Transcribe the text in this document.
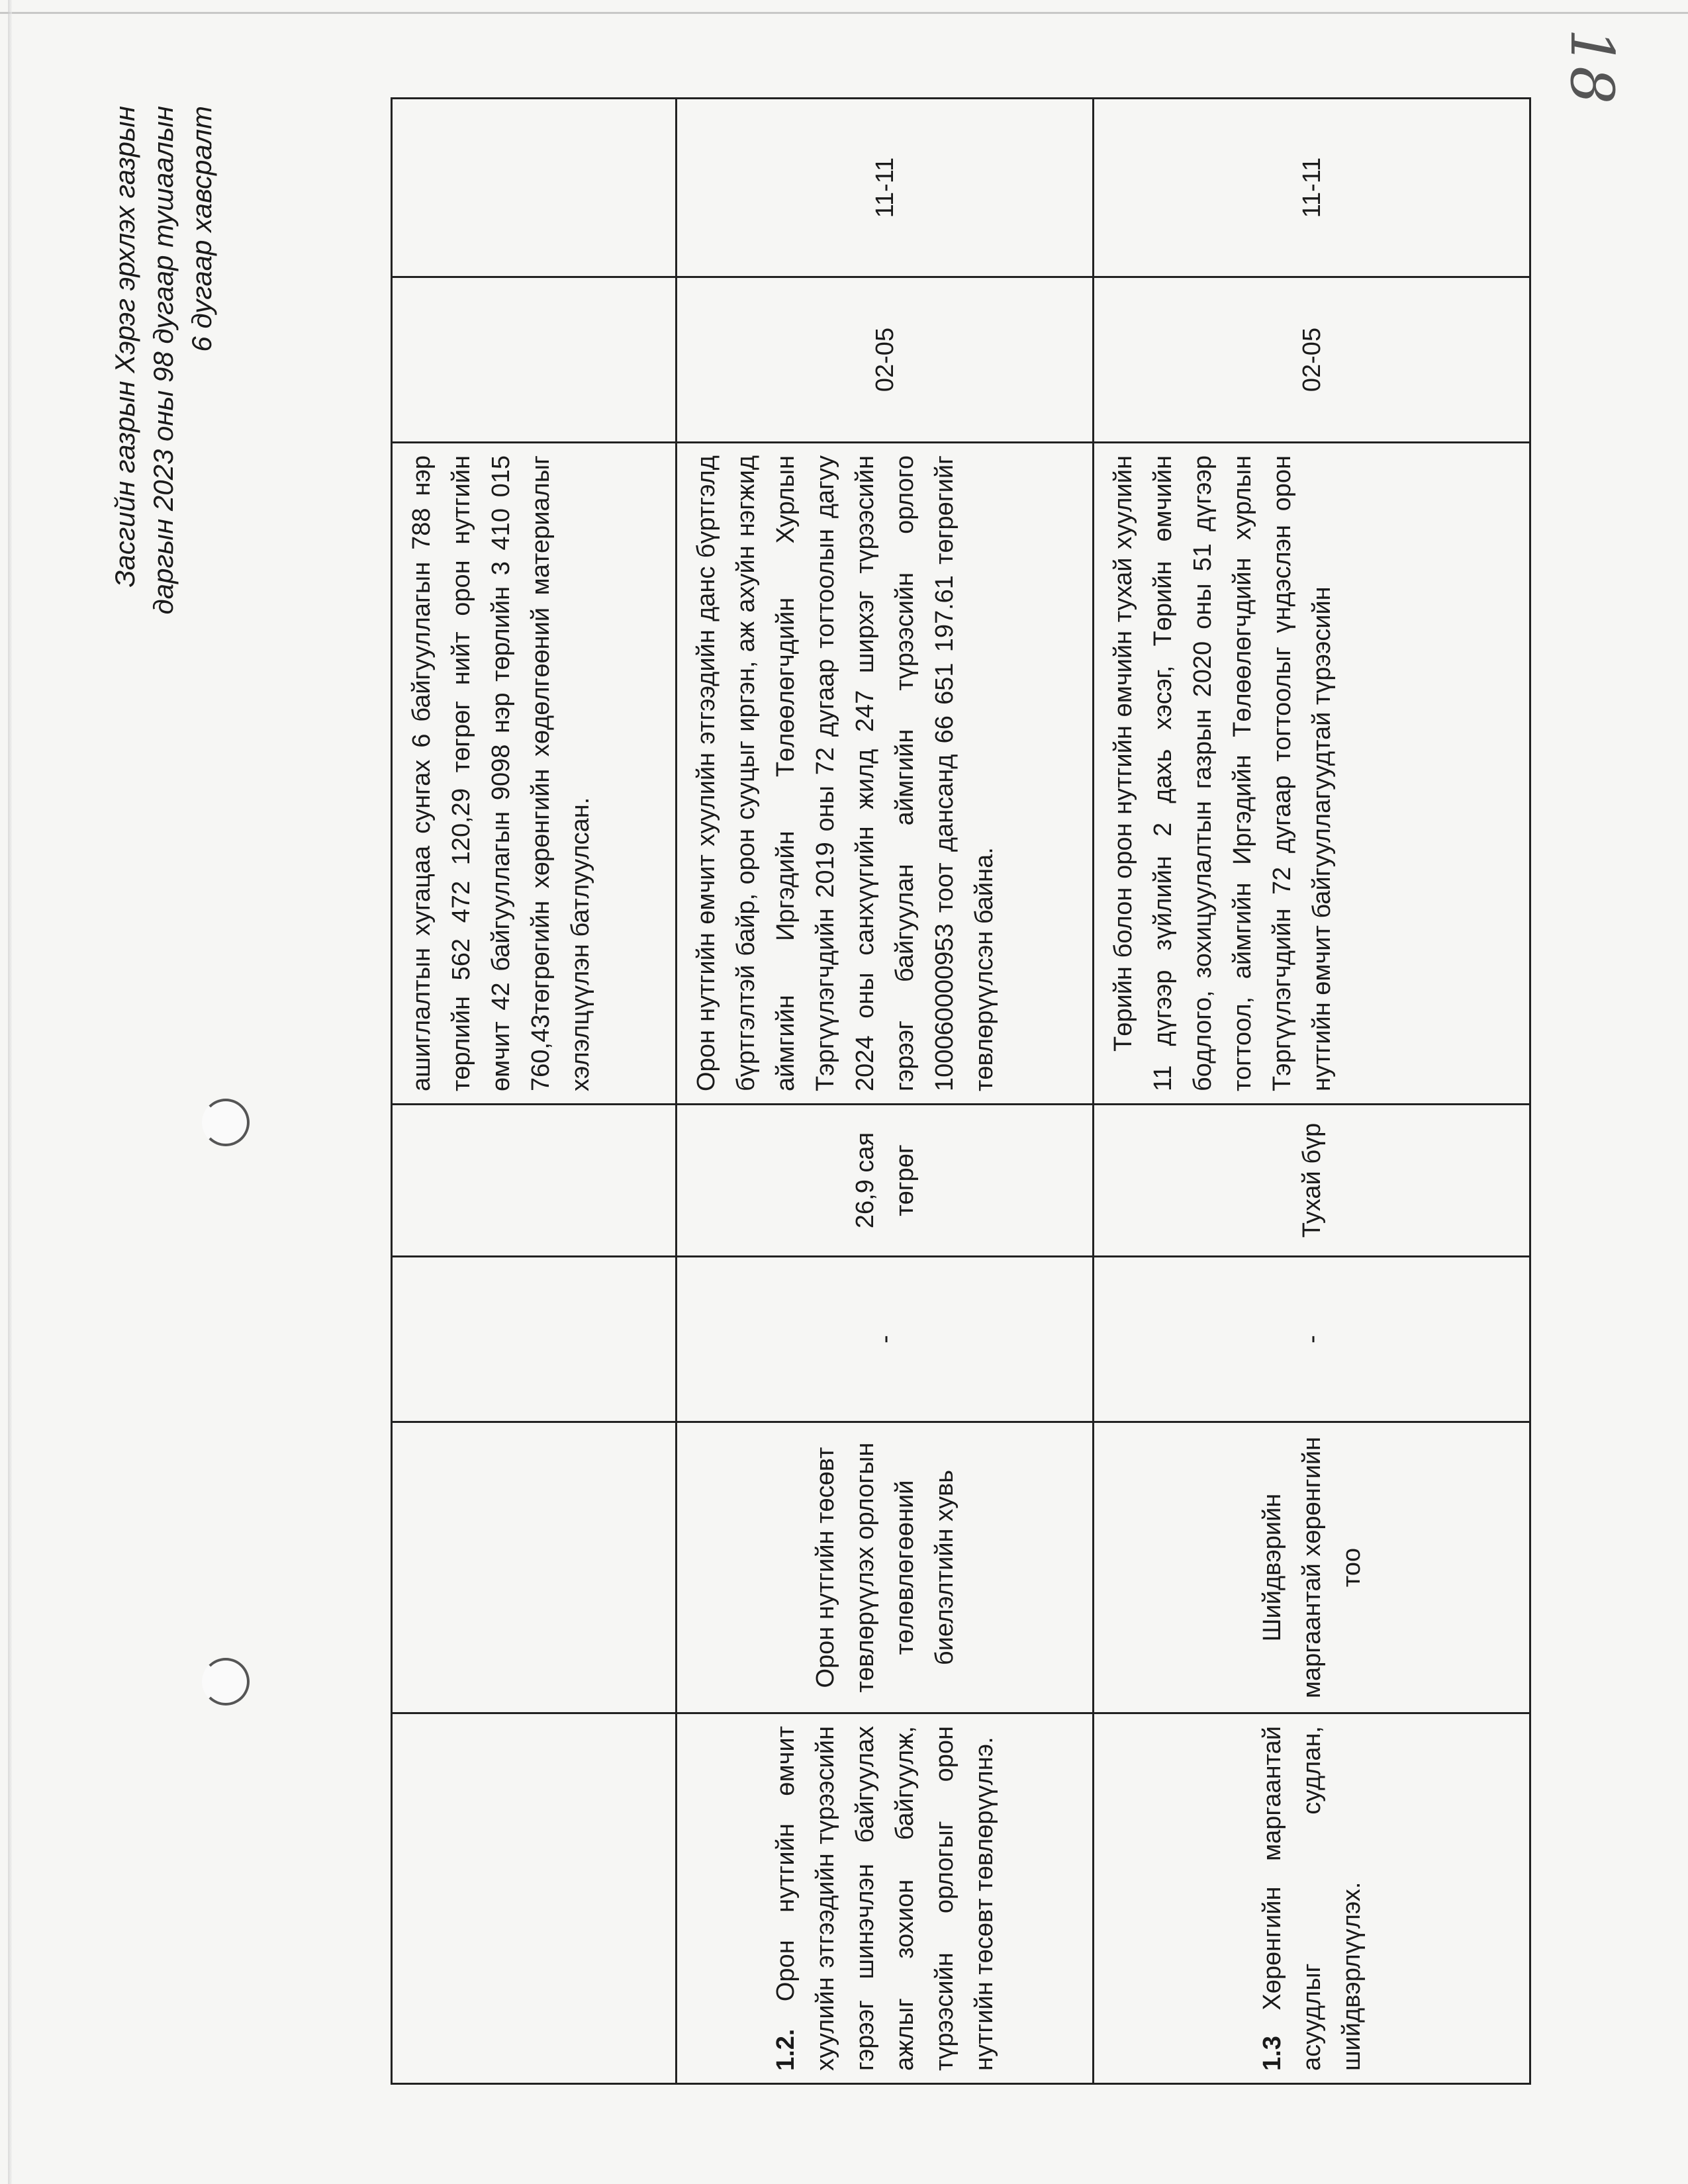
18
Засгийн газрын Хэрэг эрхлэх газрын даргын 2023 оны 98 дугаар тушаалын 6 дугаар хавсралт
				ашиглалтын хугацаа сунгах 6 байгууллагын 788 нэр төрлийн 562 472 120,29 төгрөг нийт орон нутгийн өмчит 42 байгууллагын 9098 нэр төрлийн 3 410 015 760,43төгрөгийн хөрөнгийн хөдөлгөөний материалыг хэлэлцүүлэн батлуулсан.		
1.2. Орон нутгийн өмчит хуулийн этгээдийн түрээсийн гэрээг шинэчлэн байгуулах ажлыг зохион байгуулж, түрээсийн орлогыг орон нутгийн төсөвт төвлөрүүлнэ.	Орон нутгийн төсөвт төвлөрүүлэх орлогын төлөвлөгөөний биелэлтийн хувь	-	26,9 сая төгрөг	Орон нутгийн өмчит хуулийн этгээдийн данс бүртгэлд бүртгэлтэй байр, орон сууцыг иргэн, аж ахуйн нэгжид аймгийн Иргэдийн Төлөөлөгчдийн Хурлын Тэргүүлэгчдийн 2019 оны 72 дугаар тогтоолын дагуу 2024 оны санхүүгийн жилд 247 ширхэг түрээсийн гэрээг байгуулан аймгийн түрээсийн орлого 100060000953 тоот дансанд 66 651 197.61 төгрөгийг төвлөрүүлсэн байна.	02-05	11-11
1.3 Хөрөнгийн маргаантай асуудлыг судлан, шийдвэрлүүлэх.	Шийдвэрийн маргаантай хөрөнгийн тоо	-	Тухай бүр	Төрийн болон орон нутгийн өмчийн тухай хуулийн 11 дүгээр зүйлийн 2 дахь хэсэг, Төрийн өмчийн бодлого, зохицуулалтын газрын 2020 оны 51 дүгээр тогтоол, аймгийн Иргэдийн Төлөөлөгчдийн хурлын Тэргүүлэгчдийн 72 дугаар тогтоолыг үндэслэн орон нутгийн өмчит байгууллагуудтай түрээсийн	02-05	11-11
